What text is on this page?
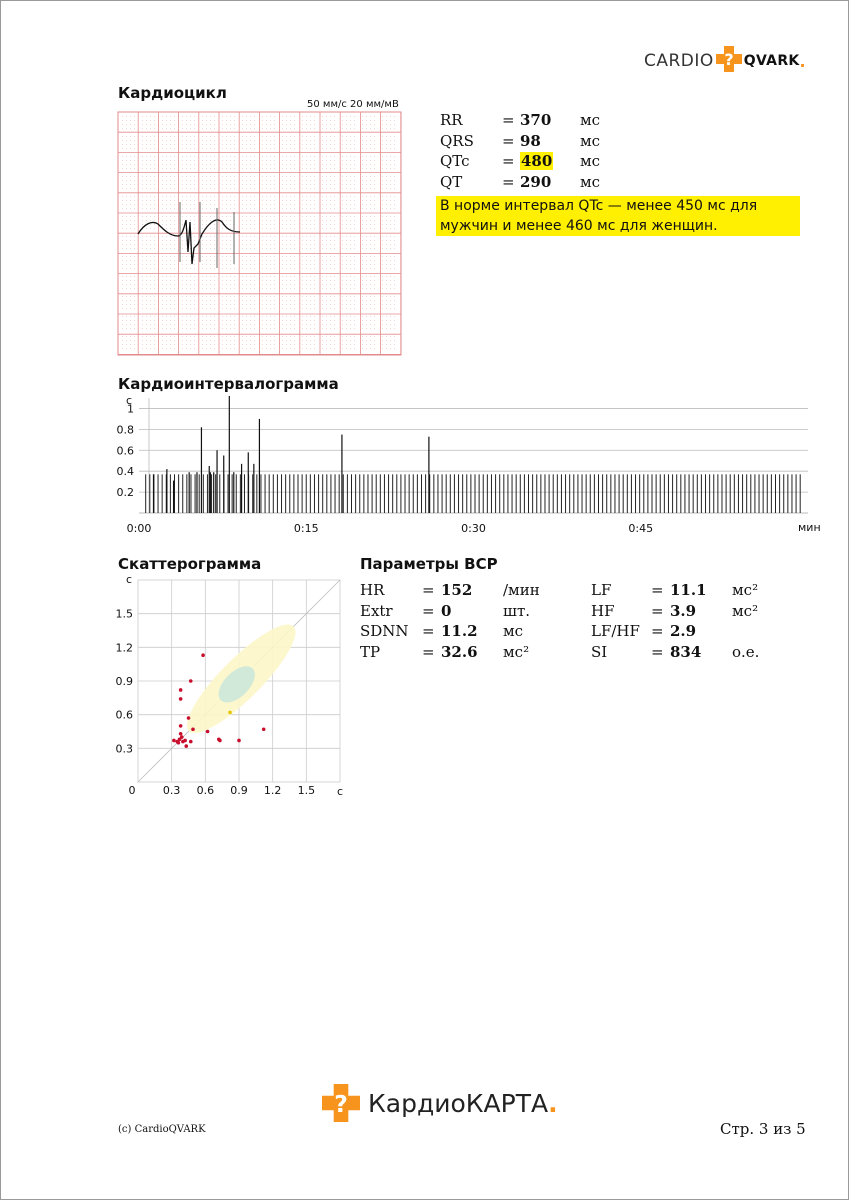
CARDIO ? QVARK .
Кардиоцикл
50 мм/с 20 мм/мВ
RR	= 370	мс
QRS	= 98	мс
QTc	= 480	мс
QT	= 290	мс
В норме интервал QTc — менее 450 мс для мужчин и менее 460 мс для женщин.
Кардиоинтервалограмма
с
мин
0.2
0.4
0.6
0.8
1
0:00	0:15	0:30	0:45
Скаттерограмма
с
с
0 0.3
0.3
0.6
0.6
0.9
0.9
1.2
1.2
1.5
1.5
Параметры ВСР
HR	= 152	/мин	LF	= 11.1	мс²
Extr	= 0	шт.	HF	= 3.9	мс²
SDNN = 11.2	мс	LF/HF = 2.9
TP	= 32.6	мс²	SI	= 834	о.е.
? КардиоКАРТА .
(c) CardioQVARK	Стр. 3 из 5
